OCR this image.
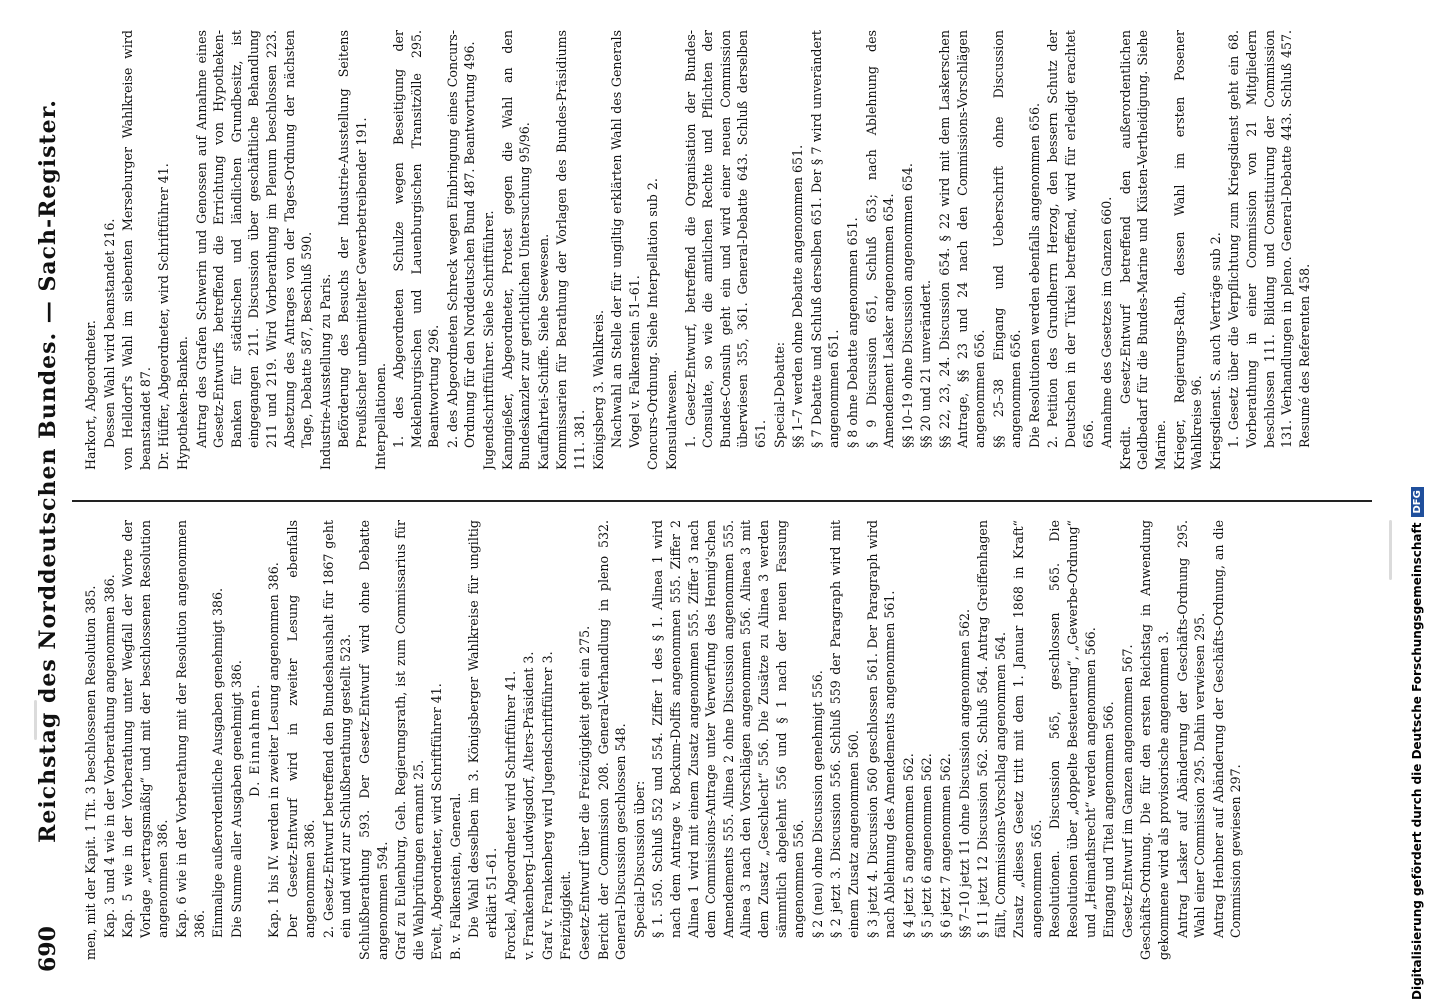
Digitalisierung gefördert durch die Deutsche Forschungsgemeinschaft
DFG
690
Reichstag des Norddeutschen Bundes. — Sach-Register. men, mit der Kapit. 1 Tit. 3 beschlossenen Resolution 385. Kap. 3 und 4 wie in der Vorberathung angenommen 386. Kap. 5 wie in der Vorberathung unter Wegfall der Worte der Vorlage „vertragsmäßig“ und mit der beschlossenen Resolution angenommen 386. Kap. 6 wie in der Vorberathung mit der Resolution angenommen 386. Einmalige außerordentliche Ausgaben genehmigt 386. Die Summe aller Ausgaben genehmigt 386. D. Einnahmen. Kap. 1 bis IV. werden in zweiter Lesung angenommen 386. Der Gesetz-Entwurf wird in zweiter Lesung ebenfalls angenommen 386. 2. Gesetz-Entwurf betreffend den Bundeshaushalt für 1867 geht ein und wird zur Schlußberathung gestellt 523. Schlußberathung 593. Der Gesetz-Entwurf wird ohne Debatte angenommen 594. Graf zu Eulenburg, Geh. Regierungsrath, ist zum Commissarius für die Wahlprüfungen ernannt 25. Evelt, Abgeordneter, wird Schriftführer 41. B. v. Falkenstein, General. Die Wahl desselben im 3. Königsberger Wahlkreise für ungiltig erklärt 51–61. Forckel, Abgeordneter wird Schriftführer 41. v. Frankenberg-Ludwigsdorf, Alters-Präsident 3. Graf v. Frankenberg wird Jugendschriftführer 3. Freizügigkeit. Gesetz-Entwurf über die Freizügigkeit geht ein 275. Bericht der Commission 208. General-Verhandlung in pleno 532. General-Discussion geschlossen 548. Special-Discussion über: § 1. 550. Schluß 552 und 554. Ziffer 1 des § 1. Alinea 1 wird nach dem Antrage v. Bockum-Dolffs angenommen 555. Ziffer 2 Alinea 1 wird mit einem Zusatz angenommen 555. Ziffer 3 nach dem Commissions-Antrage unter Verwerfung des Hennig'schen Amendements 555. Alinea 2 ohne Discussion angenommen 555. Alinea 3 nach den Vorschlägen angenommen 556. Alinea 3 mit dem Zusatz „Geschlecht“ 556. Die Zusätze zu Alinea 3 werden sämmtlich abgelehnt 556 und § 1 nach der neuen Fassung angenommen 556. § 2 (neu) ohne Discussion genehmigt 556. § 2 jetzt 3. Discussion 556. Schluß 559 der Paragraph wird mit einem Zusatz angenommen 560. § 3 jetzt 4. Discussion 560 geschlossen 561. Der Paragraph wird nach Ablehnung des Amendements angenommen 561. § 4 jetzt 5 angenommen 562. § 5 jetzt 6 angenommen 562. § 6 jetzt 7 angenommen 562. §§ 7–10 jetzt 11 ohne Discussion angenommen 562. § 11 jetzt 12 Discussion 562. Schluß 564. Antrag Greiffenhagen fällt, Commissions-Vorschlag angenommen 564. Zusatz „dieses Gesetz tritt mit dem 1. Januar 1868 in Kraft“ angenommen 565. Resolutionen. Discussion 565, geschlossen 565. Die Resolutionen über „doppelte Besteuerung“, „Gewerbe-Ordnung“ und „Heimathsrecht“ werden angenommen 566. Eingang und Titel angenommen 566. Gesetz-Entwurf im Ganzen angenommen 567. Geschäfts-Ordnung. Die für den ersten Reichstag in Anwendung gekommene wird als provisorische angenommen 3. Antrag Lasker auf Abänderung der Geschäfts-Ordnung 295. Wahl einer Commission 295. Dahin verwiesen 295. Antrag Henbner auf Abänderung der Geschäfts-Ordnung, an die Commission gewiesen 297.

Harkort, Abgeordneter. Dessen Wahl wird beanstandet 216. von Helldorf's Wahl im siebenten Merseburger Wahlkreise wird beanstandet 87. Dr. Hüffer, Abgeordneter, wird Schriftführer 41. Hypotheken-Banken. Antrag des Grafen Schwerin und Genossen auf Annahme eines Gesetz-Entwurfs betreffend die Errichtung von Hypotheken-Banken für städtischen und ländlichen Grundbesitz, ist eingegangen 211. Discussion über geschäftliche Behandlung 211 und 219. Wird Vorberathung im Plenum beschlossen 223. Absetzung des Antrages von der Tages-Ordnung der nächsten Tage, Debatte 587, Beschluß 590. Industrie-Ausstellung zu Paris. Beförderung des Besuchs der Industrie-Ausstellung Seitens Preußischer unbemittelter Gewerbetreibender 191. Interpellationen. 1. des Abgeordneten Schulze wegen Beseitigung der Meklenburgischen und Lauenburgischen Transitzölle 295. Beantwortung 296. 2. des Abgeordneten Schreck wegen Einbringung eines Concurs-Ordnung für den Norddeutschen Bund 487. Beantwortung 496. Jugendschriftführer. Siehe Schriftführer. Kanngießer, Abgeordneter, Protest gegen die Wahl an den Bundeskanzler zur gerichtlichen Untersuchung 95/96. Kauffahrtei-Schiffe. Siehe Seewesen. Kommissarien für Berathung der Vorlagen des Bundes-Präsidiums 111. 381. Königsberg 3. Wahlkreis. Nachwahl an Stelle der für ungiltig erklärten Wahl des Generals Vogel v. Falkenstein 51–61. Concurs-Ordnung. Siehe Interpellation sub 2. Konsulatwesen. 1. Gesetz-Entwurf, betreffend die Organisation der Bundes-Consulate, so wie die amtlichen Rechte und Pflichten der Bundes-Consuln geht ein und wird einer neuen Commission überwiesen 355, 361. General-Debatte 643. Schluß derselben 651. Special-Debatte: §§ 1–7 werden ohne Debatte angenommen 651. § 7 Debatte und Schluß derselben 651. Der § 7 wird unverändert angenommen 651. § 8 ohne Debatte angenommen 651. § 9 Discussion 651, Schluß 653; nach Ablehnung des Amendement Lasker angenommen 654. §§ 10–19 ohne Discussion angenommen 654. §§ 20 und 21 unverändert. §§ 22, 23, 24. Discussion 654. § 22 wird mit dem Laskerschen Antrage, §§ 23 und 24 nach den Commissions-Vorschlägen angenommen 656. §§ 25–38 Eingang und Ueberschrift ohne Discussion angenommen 656. Die Resolutionen werden ebenfalls angenommen 656. 2. Petition des Grundherrn Herzog, den bessern Schutz der Deutschen in der Türkei betreffend, wird für erledigt erachtet 656. Annahme des Gesetzes im Ganzen 660. Kredit. Gesetz-Entwurf betreffend den außerordentlichen Geldbedarf für die Bundes-Marine und Küsten-Vertheidigung. Siehe Marine. Krieger, Regierungs-Rath, dessen Wahl im ersten Posener Wahlkreise 96. Kriegsdienst. S. auch Verträge sub 2. 1. Gesetz über die Verpflichtung zum Kriegsdienst geht ein 68. Vorberathung in einer Commission von 21 Mitgliedern beschlossen 111. Bildung und Constituirung der Commission 131. Verhandlungen in pleno. General-Debatte 443. Schluß 457. Resumé des Referenten 458.
